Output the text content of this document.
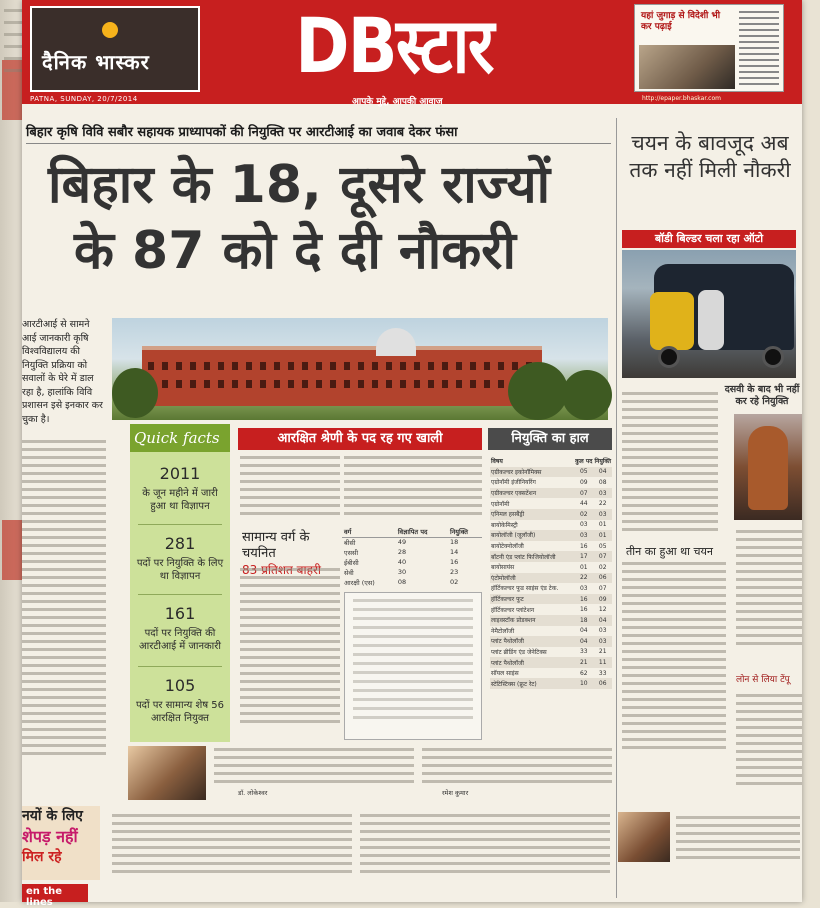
दैनिक भास्कर	DBस्टार
PATNA, SUNDAY, 20/7/2014	आपके मुद्दे, आपकी आवाज	http://epaper.bhaskar.com
यहां जुगाड़ से विदेशी भी कर पढ़ाई
बिहार कृषि विवि सबौर सहायक प्राध्यापकों की नियुक्ति पर आरटीआई का जवाब देकर फंसा
बिहार के 18, दूसरे राज्यों
के 87 को दे दी नौकरी
आरटीआई से सामने आई जानकारी कृषि विश्वविद्यालय की नियुक्ति प्रक्रिया को सवालों के घेरे में डाल रहा है, हालांकि विवि प्रशासन इसे इनकार कर चुका है।
नयों के लिए
शेपड़ नहीं
मिल रहे
en the lines
Quick facts
2011
के जून महीने में जारी हुआ था विज्ञापन
281
पदों पर नियुक्ति के लिए था विज्ञापन
161
पदों पर नियुक्ति की आरटीआई में जानकारी
105
पदों पर सामान्य शेष 56 आरक्षित नियुक्त
आरक्षित श्रेणी के पद रह गए खाली
सामान्य वर्ग के चयनित
वर्ग	विज्ञापित पद	नियुक्ति
बीसी	49	18
एससी	28	14
ईबीसी	40	16
सेवी	30	23
आरक्षी (एस)	08	02
नियुक्ति का हाल
विषय	कुल पद	नियुक्ति
एग्रीकल्चर इकोनॉमिक्स	05	04
एग्रोनॉमी इंजीनियरिंग	09	08
एग्रीकल्चर एक्सटेंशन	07	03
एग्रोनॉमी	44	22
एनिमल हसबैंड्री	02	03
बायोकेमिस्ट्री	03	01
बायोलॉजी (जूलॉजी)	03	01
बायोटेक्नोलॉजी	16	05
बॉटनी एंड प्लांट फिजियोलॉजी	17	07
बायोसायंस	01	02
एंटोमोलॉजी	22	06
हॉर्टिकल्चर फूड साइंस एंड टेक.	03	07
हॉर्टिकल्चर फूट	16	09
हॉर्टिकल्चर प्लांटेशन	16	12
लाइवस्टॉक प्रोडक्शन	18	04
नेमैटोलॉजी	04	03
प्लांट पैथोलॉजी	04	03
प्लांट ब्रीडिंग एंड जेनेटिक्स	33	21
प्लांट पैथोलॉजी	21	11
सॉयल साइंस	62	33
स्टेटिस्टिक्स (फ्रूट रेट)	10	06
डॉ. लोकेश्वर	रमेश कुमार
चयन के बावजूद अब तक नहीं मिली नौकरी
बॉडी बिल्डर चला रहा ऑटो
दसवी के बाद भी नहीं कर रहे नियुक्ति
तीन का हुआ था चयन
लोन से लिया टेंपू
